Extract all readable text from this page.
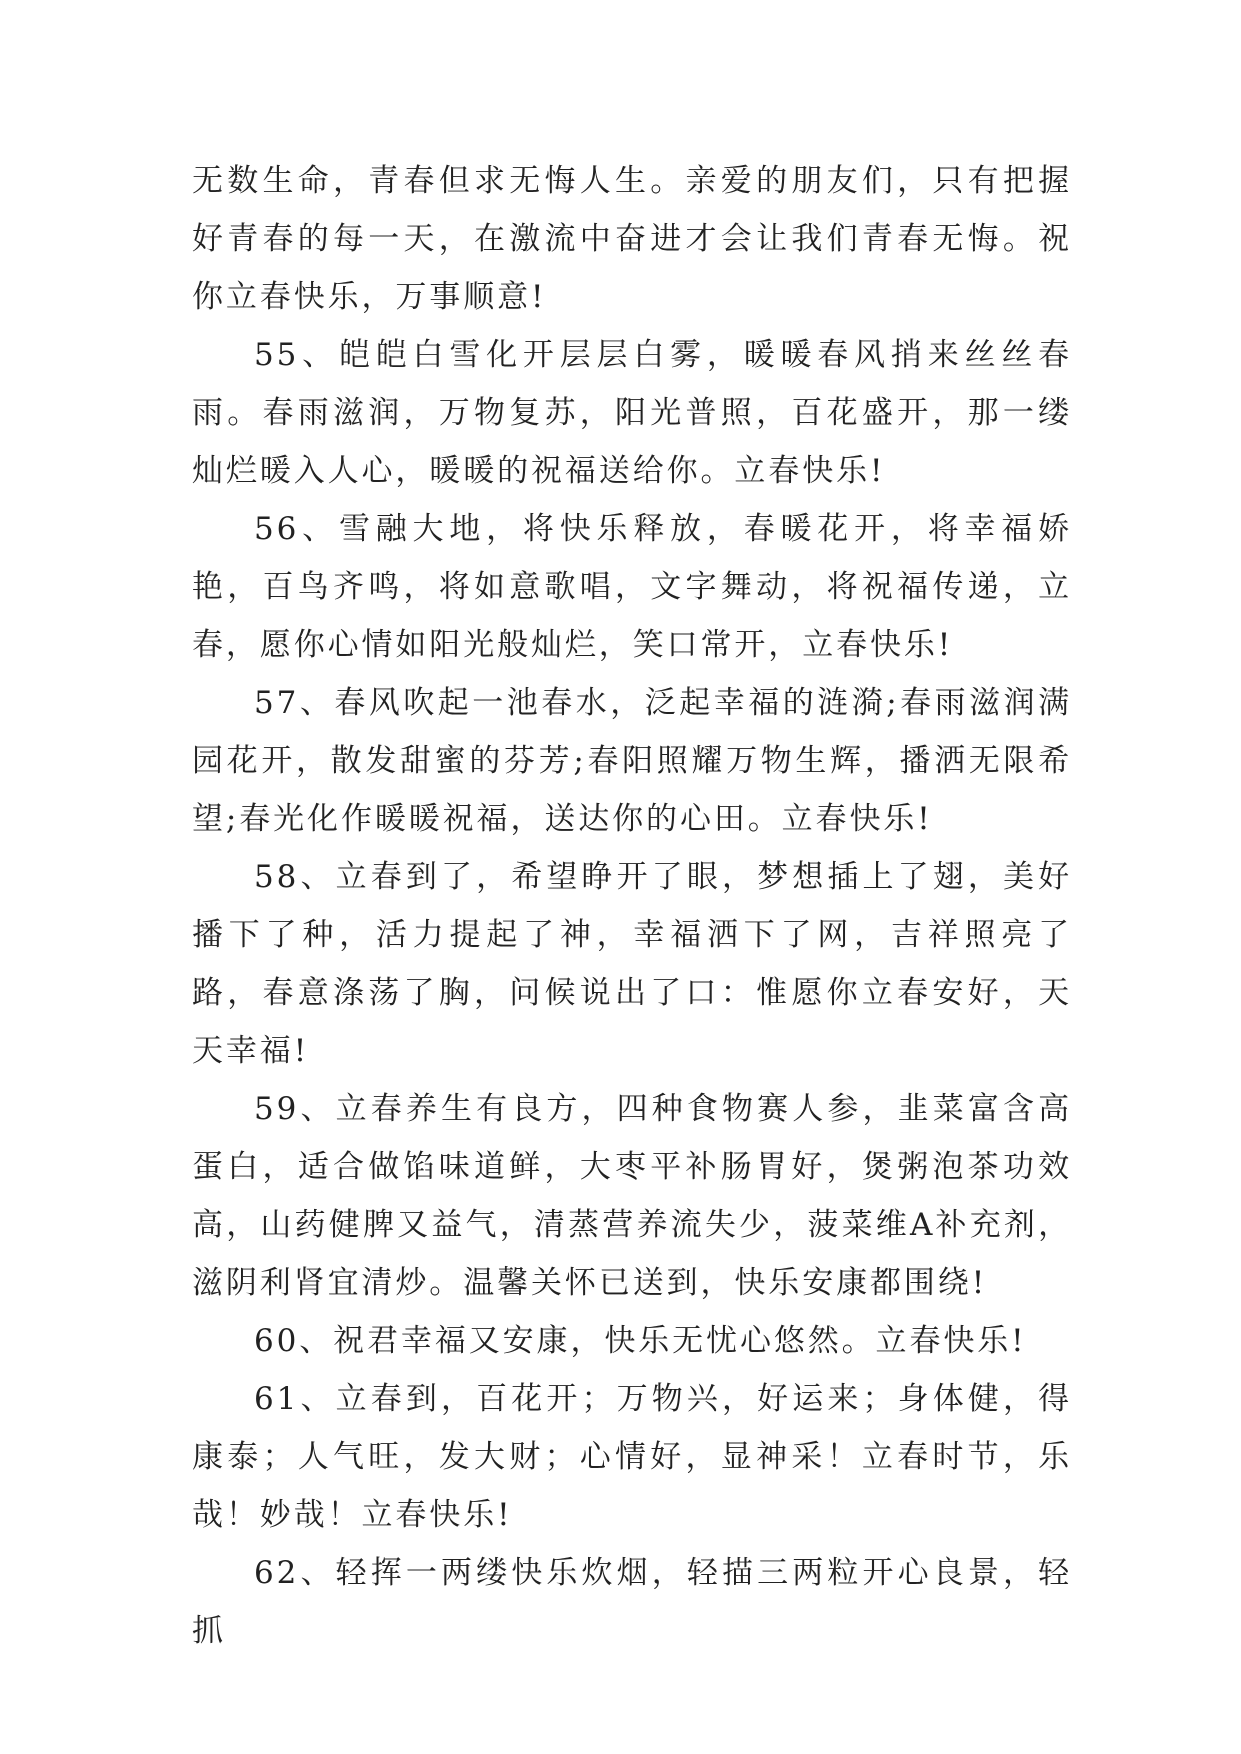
无数生命，青春但求无悔人生。亲爱的朋友们，只有把握好青春的每一天，在激流中奋进才会让我们青春无悔。祝你立春快乐，万事顺意!

55、皑皑白雪化开层层白雾，暖暖春风捎来丝丝春雨。春雨滋润，万物复苏，阳光普照，百花盛开，那一缕灿烂暖入人心，暖暖的祝福送给你。立春快乐!

56、雪融大地，将快乐释放，春暖花开，将幸福娇艳，百鸟齐鸣，将如意歌唱，文字舞动，将祝福传递，立春，愿你心情如阳光般灿烂，笑口常开，立春快乐!

57、春风吹起一池春水，泛起幸福的涟漪;春雨滋润满园花开，散发甜蜜的芬芳;春阳照耀万物生辉，播洒无限希望;春光化作暖暖祝福，送达你的心田。立春快乐!

58、立春到了，希望睁开了眼，梦想插上了翅，美好播下了种，活力提起了神，幸福洒下了网，吉祥照亮了路，春意涤荡了胸，问候说出了口：惟愿你立春安好，天天幸福!

59、立春养生有良方，四种食物赛人参，韭菜富含高蛋白，适合做馅味道鲜，大枣平补肠胃好，煲粥泡茶功效高，山药健脾又益气，清蒸营养流失少，菠菜维A补充剂，滋阴利肾宜清炒。温馨关怀已送到，快乐安康都围绕!

60、祝君幸福又安康，快乐无忧心悠然。立春快乐!

61、立春到，百花开；万物兴，好运来；身体健，得康泰；人气旺，发大财；心情好，显神采！立春时节，乐哉！妙哉！立春快乐!

62、轻挥一两缕快乐炊烟，轻描三两粒开心良景，轻抓
